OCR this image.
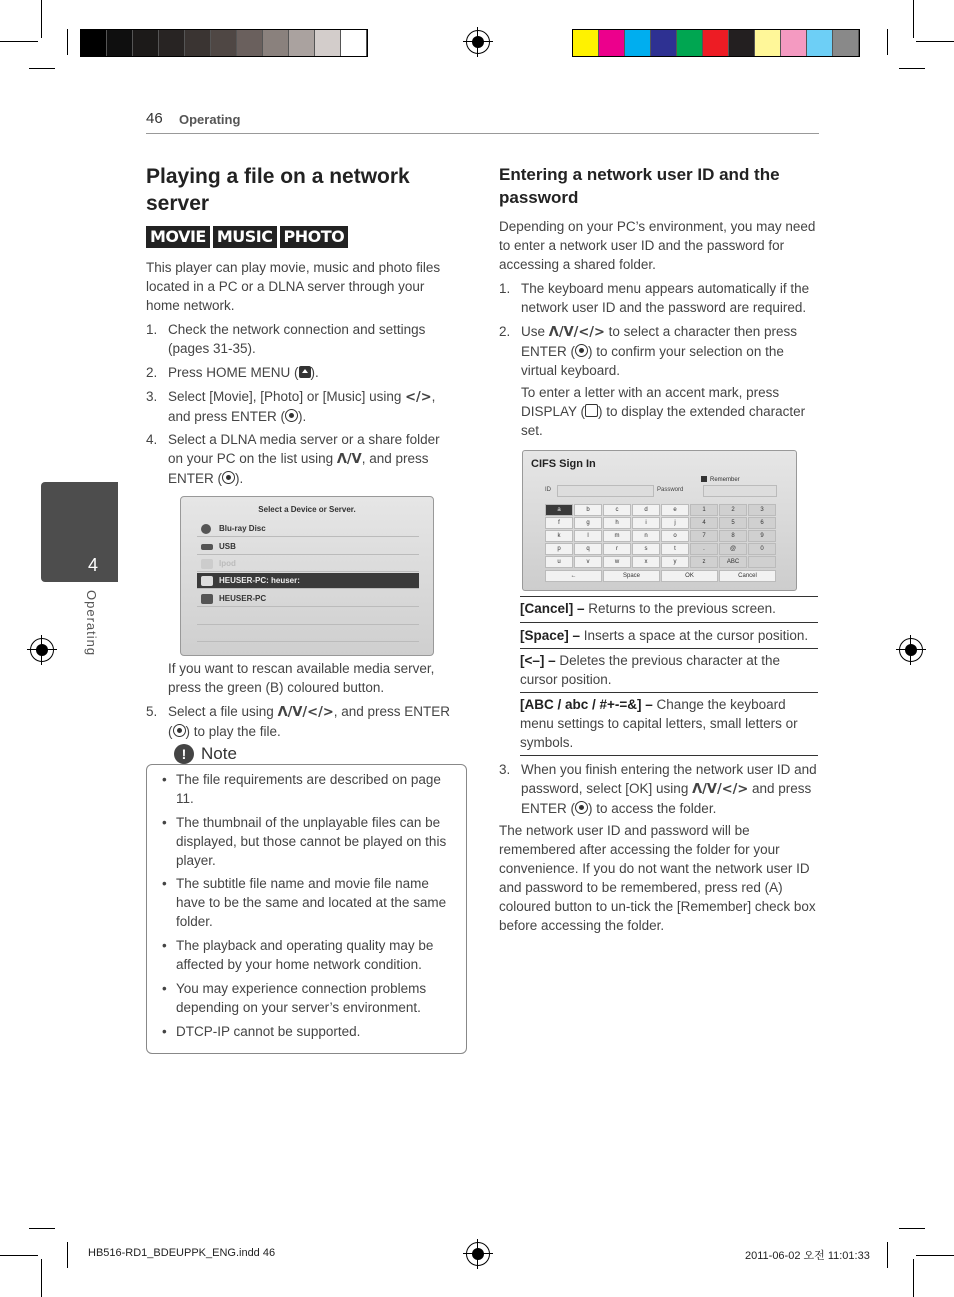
46 Operating
4
Operating
Playing a file on a network server
MOVIE MUSIC PHOTO
This player can play movie, music and photo files located in a PC or a DLNA server through your home network.
1. Check the network connection and settings (pages 31-35).
2. Press HOME MENU ( ).
3. Select [Movie], [Photo] or [Music] using </>, and press ENTER ( ).
4. Select a DLNA media server or a share folder on your PC on the list using Λ/V, and press ENTER ( ).
Select a Device or Server.
Blu-ray Disc
USB
Ipod
HEUSER-PC: heuser:
HEUSER-PC
If you want to rescan available media server, press the green (B) coloured button.
5. Select a file using Λ/V/</>, and press ENTER ( ) to play the file.
! Note
• The file requirements are described on page 11.
• The thumbnail of the unplayable files can be displayed, but those cannot be played on this player.
• The subtitle file name and movie file name have to be the same and located at the same folder.
• The playback and operating quality may be affected by your home network condition.
• You may experience connection problems depending on your server’s environment.
• DTCP-IP cannot be supported.
Entering a network user ID and the password
Depending on your PC’s environment, you may need to enter a network user ID and the password for accessing a shared folder.
1. The keyboard menu appears automatically if the network user ID and the password are required.
2. Use Λ/V/</> to select a character then press ENTER ( ) to confirm your selection on the virtual keyboard.
To enter a letter with an accent mark, press DISPLAY ( ) to display the extended character set.
CIFS Sign In
Remember
ID	Password
a	b	c	d	e	1	2	3
f	g	h	i	j	4	5	6
k	l	m	n	o	7	8	9
p	q	r	s	t	.	@	0
u	v	w	x	y	z	ABC
←	Space	OK	Cancel
[Cancel] – Returns to the previous screen.
[Space] – Inserts a space at the cursor position.
[<–] – Deletes the previous character at the cursor position.
[ABC / abc / #+-=&] – Change the keyboard menu settings to capital letters, small letters or symbols.
3. When you finish entering the network user ID and password, select [OK] using Λ/V/</> and press ENTER ( ) to access the folder.
The network user ID and password will be remembered after accessing the folder for your convenience. If you do not want the network user ID and password to be remembered, press red (A) coloured button to un-tick the [Remember] check box before accessing the folder.
HB516-RD1_BDEUPPK_ENG.indd 46	2011-06-02 오전 11:01:33
